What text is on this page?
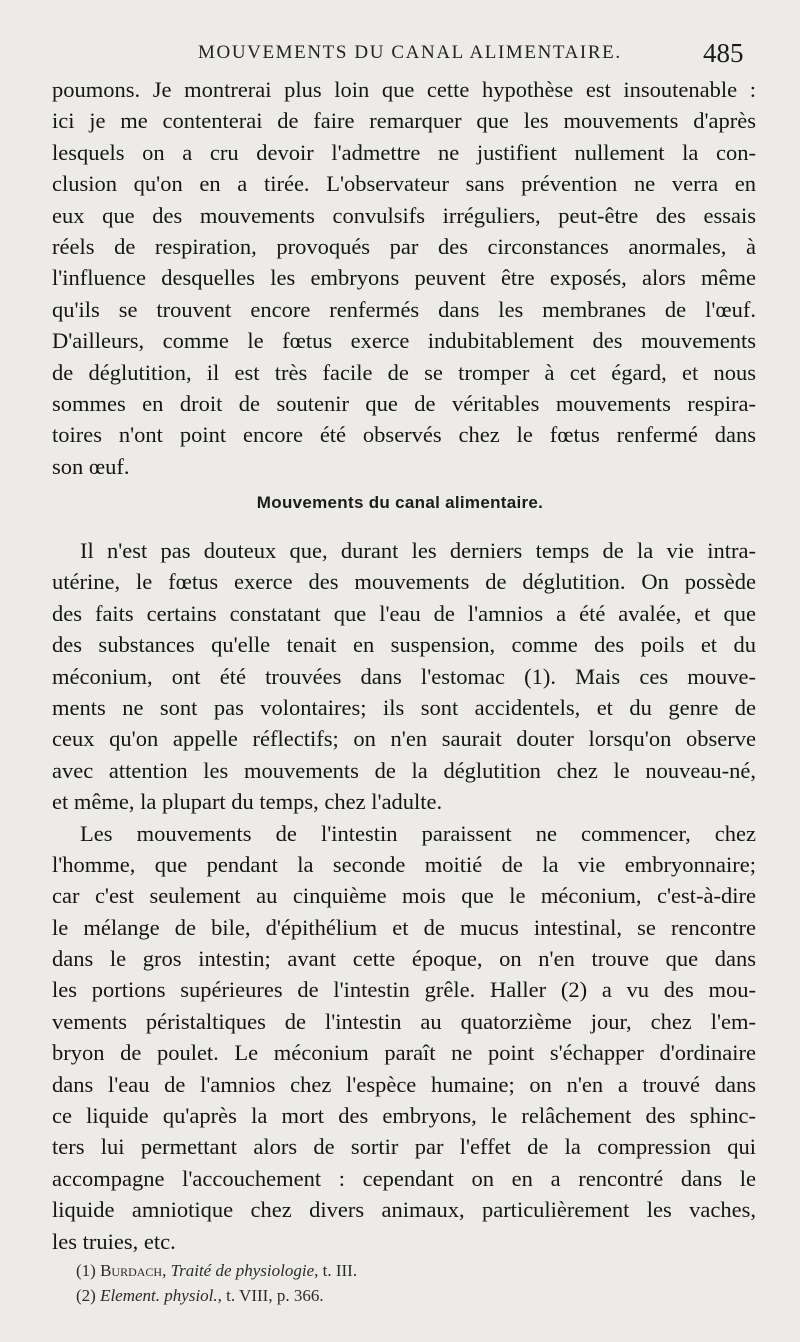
MOUVEMENTS DU CANAL ALIMENTAIRE.	485
poumons. Je montrerai plus loin que cette hypothèse est insoutenable :
ici je me contenterai de faire remarquer que les mouvements d'après
lesquels on a cru devoir l'admettre ne justifient nullement la con-
clusion qu'on en a tirée. L'observateur sans prévention ne verra en
eux que des mouvements convulsifs irréguliers, peut-être des essais
réels de respiration, provoqués par des circonstances anormales, à
l'influence desquelles les embryons peuvent être exposés, alors même
qu'ils se trouvent encore renfermés dans les membranes de l'œuf.
D'ailleurs, comme le fœtus exerce indubitablement des mouvements
de déglutition, il est très facile de se tromper à cet égard, et nous
sommes en droit de soutenir que de véritables mouvements respira-
toires n'ont point encore été observés chez le fœtus renfermé dans
son œuf.
Mouvements du canal alimentaire.
Il n'est pas douteux que, durant les derniers temps de la vie intra-
utérine, le fœtus exerce des mouvements de déglutition. On possède
des faits certains constatant que l'eau de l'amnios a été avalée, et que
des substances qu'elle tenait en suspension, comme des poils et du
méconium, ont été trouvées dans l'estomac (1). Mais ces mouve-
ments ne sont pas volontaires; ils sont accidentels, et du genre de
ceux qu'on appelle réflectifs; on n'en saurait douter lorsqu'on observe
avec attention les mouvements de la déglutition chez le nouveau-né,
et même, la plupart du temps, chez l'adulte.
Les mouvements de l'intestin paraissent ne commencer, chez
l'homme, que pendant la seconde moitié de la vie embryonnaire;
car c'est seulement au cinquième mois que le méconium, c'est-à-dire
le mélange de bile, d'épithélium et de mucus intestinal, se rencontre
dans le gros intestin; avant cette époque, on n'en trouve que dans
les portions supérieures de l'intestin grêle. Haller (2) a vu des mou-
vements péristaltiques de l'intestin au quatorzième jour, chez l'em-
bryon de poulet. Le méconium paraît ne point s'échapper d'ordinaire
dans l'eau de l'amnios chez l'espèce humaine; on n'en a trouvé dans
ce liquide qu'après la mort des embryons, le relâchement des sphinc-
ters lui permettant alors de sortir par l'effet de la compression qui
accompagne l'accouchement : cependant on en a rencontré dans le
liquide amniotique chez divers animaux, particulièrement les vaches,
les truies, etc.
(1) Burdach, Traité de physiologie, t. III.
(2) Element. physiol., t. VIII, p. 366.
